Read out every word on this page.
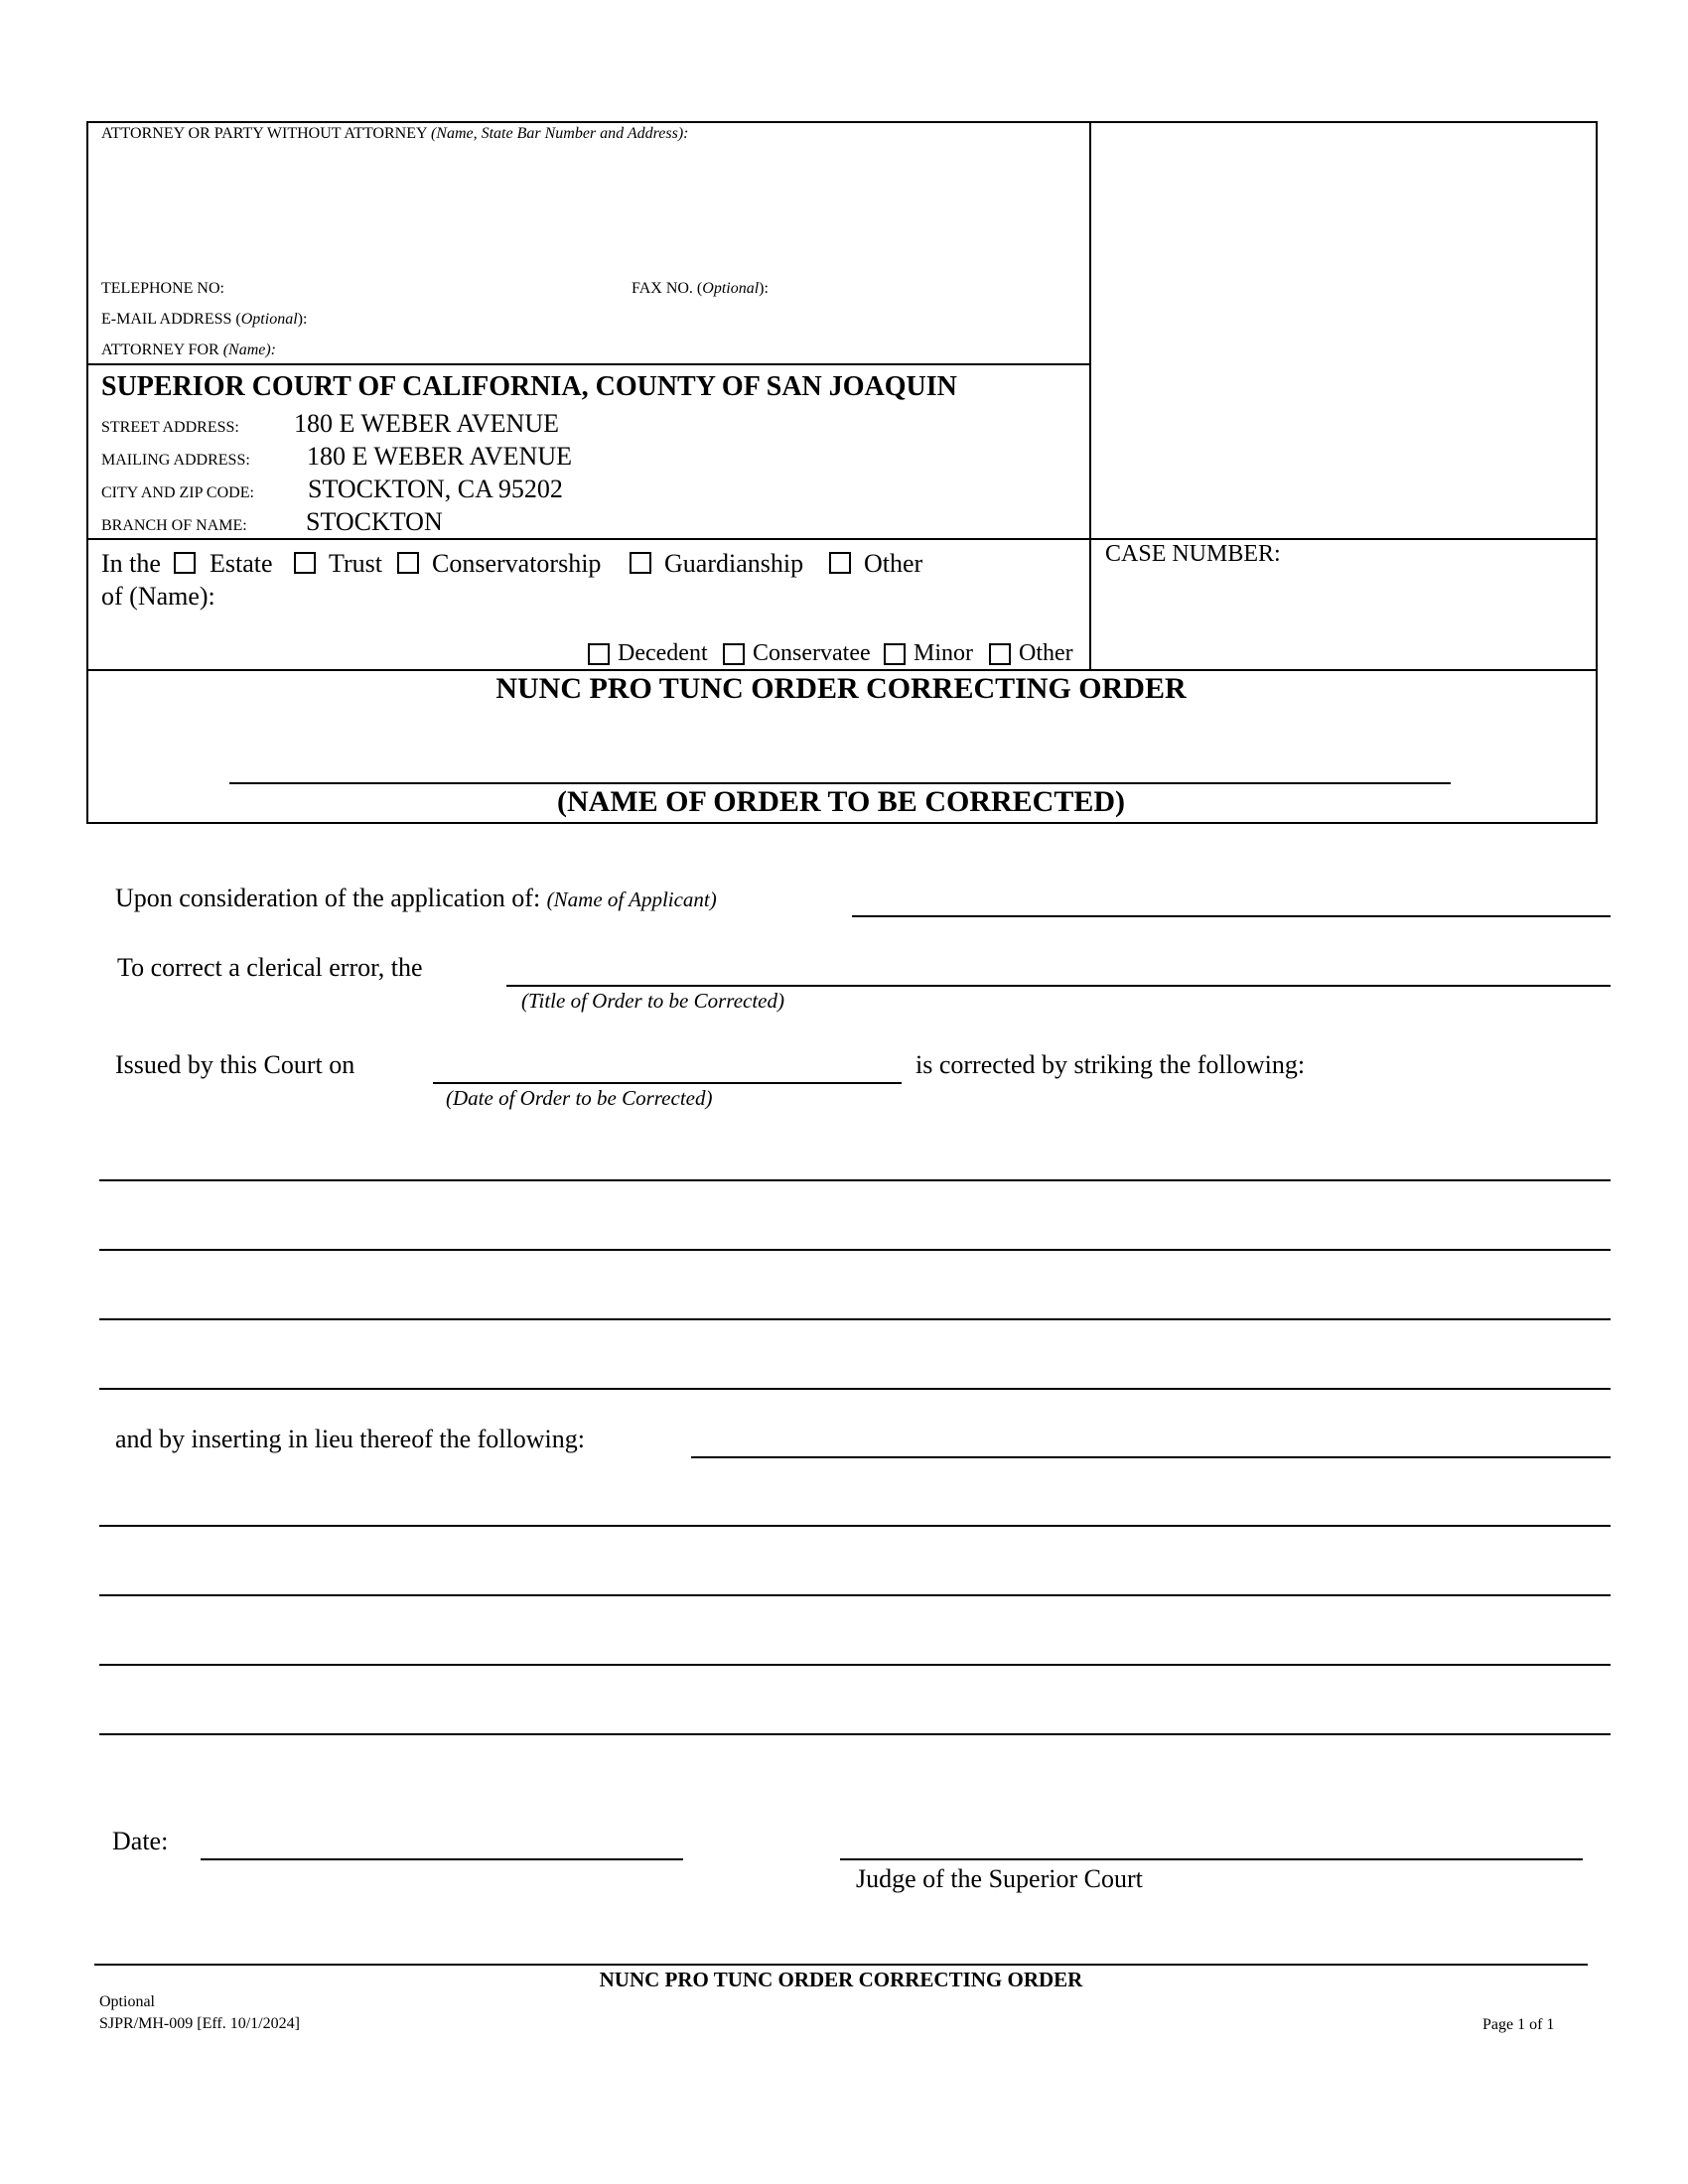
ATTORNEY OR PARTY WITHOUT ATTORNEY (Name, State Bar Number and Address):
TELEPHONE NO:	FAX NO. (Optional):
E-MAIL ADDRESS (Optional):
ATTORNEY FOR (Name):
SUPERIOR COURT OF CALIFORNIA, COUNTY OF SAN JOAQUIN
STREET ADDRESS: 180 E WEBER AVENUE
MAILING ADDRESS: 180 E WEBER AVENUE
CITY AND ZIP CODE: STOCKTON, CA 95202
BRANCH OF NAME: STOCKTON
In the Estate Trust Conservatorship Guardianship Other
of (Name):
Decedent Conservatee Minor Other
CASE NUMBER:
NUNC PRO TUNC ORDER CORRECTING ORDER
(NAME OF ORDER TO BE CORRECTED)
Upon consideration of the application of: (Name of Applicant)
To correct a clerical error, the
(Title of Order to be Corrected)
Issued by this Court on	is corrected by striking the following:
(Date of Order to be Corrected)
and by inserting in lieu thereof the following:
Date:
Judge of the Superior Court
NUNC PRO TUNC ORDER CORRECTING ORDER
Optional
SJPR/MH-009 [Eff. 10/1/2024]	Page 1 of 1
